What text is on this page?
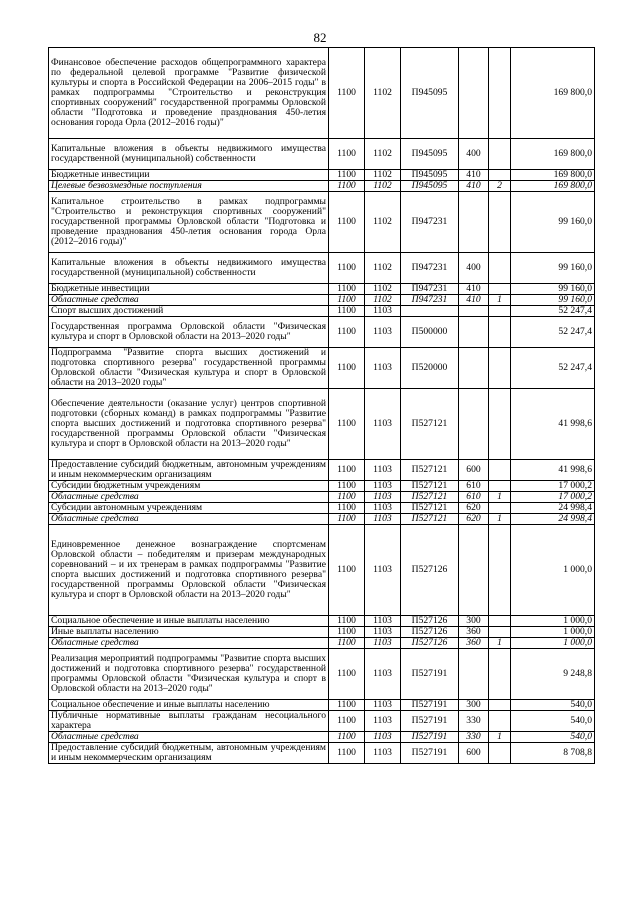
82
Финансовое обеспечение расходов общепрограммного характера по федеральной целевой программе "Развитие физической культуры и спорта в Российской Федерации на 2006–2015 годы" в рамках подпрограммы "Строительство и реконструкция спортивных сооружений" государственной программы Орловской области "Подготовка и проведение празднования 450-летия основания города Орла (2012–2016 годы)"	1100	1102	П945095			169 800,0
Капитальные вложения в объекты недвижимого имущества государственной (муниципальной) собственности	1100	1102	П945095	400		169 800,0
Бюджетные инвестиции	1100	1102	П945095	410		169 800,0
Целевые безвозмездные поступления	1100	1102	П945095	410	2	169 800,0
Капитальное строительство в рамках подпрограммы "Строительство и реконструкция спортивных сооружений" государственной программы Орловской области "Подготовка и проведение празднования 450-летия основания города Орла (2012–2016 годы)"	1100	1102	П947231			99 160,0
Капитальные вложения в объекты недвижимого имущества государственной (муниципальной) собственности	1100	1102	П947231	400		99 160,0
Бюджетные инвестиции	1100	1102	П947231	410		99 160,0
Областные средства	1100	1102	П947231	410	1	99 160,0
Спорт высших достижений	1100	1103				52 247,4
Государственная программа Орловской области "Физическая культура и спорт в Орловской области на 2013–2020 годы"	1100	1103	П500000			52 247,4
Подпрограмма "Развитие спорта высших достижений и подготовка спортивного резерва" государственной программы Орловской области "Физическая культура и спорт в Орловской области на 2013–2020 годы"	1100	1103	П520000			52 247,4
Обеспечение деятельности (оказание услуг) центров спортивной подготовки (сборных команд) в рамках подпрограммы "Развитие спорта высших достижений и подготовка спортивного резерва" государственной программы Орловской области "Физическая культура и спорт в Орловской области на 2013–2020 годы"	1100	1103	П527121			41 998,6
Предоставление субсидий бюджетным, автономным учреждениям и иным некоммерческим организациям	1100	1103	П527121	600		41 998,6
Субсидии бюджетным учреждениям	1100	1103	П527121	610		17 000,2
Областные средства	1100	1103	П527121	610	1	17 000,2
Субсидии автономным учреждениям	1100	1103	П527121	620		24 998,4
Областные средства	1100	1103	П527121	620	1	24 998,4
Единовременное денежное вознаграждение спортсменам Орловской области – победителям и призерам международных соревнований – и их тренерам в рамках подпрограммы "Развитие спорта высших достижений и подготовка спортивного резерва" государственной программы Орловской области "Физическая культура и спорт в Орловской области на 2013–2020 годы"	1100	1103	П527126			1 000,0
Социальное обеспечение и иные выплаты населению	1100	1103	П527126	300		1 000,0
Иные выплаты населению	1100	1103	П527126	360		1 000,0
Областные средства	1100	1103	П527126	360	1	1 000,0
Реализация мероприятий подпрограммы "Развитие спорта высших достижений и подготовка спортивного резерва" государственной программы Орловской области "Физическая культура и спорт в Орловской области на 2013–2020 годы"	1100	1103	П527191			9 248,8
Социальное обеспечение и иные выплаты населению	1100	1103	П527191	300		540,0
Публичные нормативные выплаты гражданам несоциального характера	1100	1103	П527191	330		540,0
Областные средства	1100	1103	П527191	330	1	540,0
Предоставление субсидий бюджетным, автономным учреждениям и иным некоммерческим организациям	1100	1103	П527191	600		8 708,8
